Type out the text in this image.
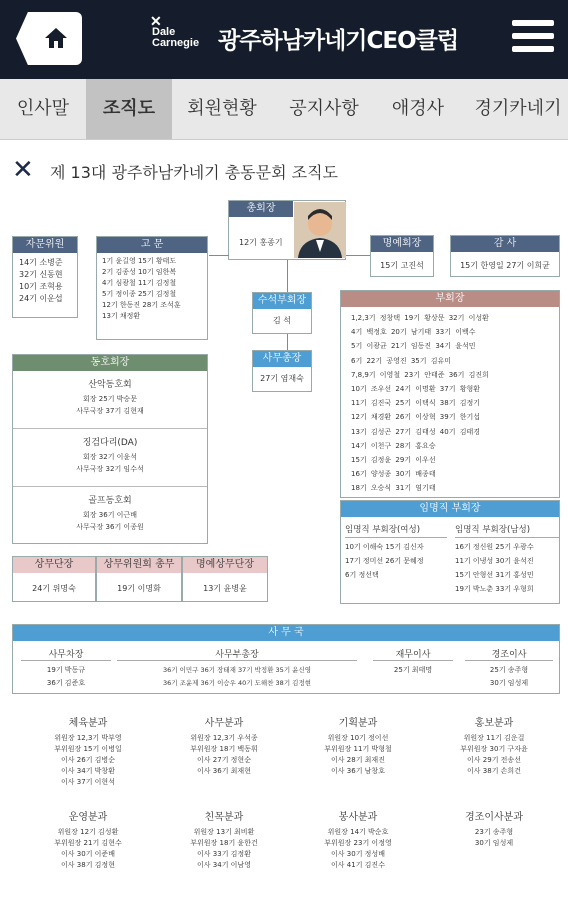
✕
Dale
Carnegie 광주하남카네기CEO클럽
인사말	조직도	회원현황	공지사항	애경사	경기카네기
✕ 제 13대 광주하남카네기 총동문회 조직도
총회장
12기 홍종기
자문위원
14기 소병준
32기 신동현
10기 조혁용
24기 이운섭
고 문
1기 윤길영 15기 황태도
2기 김종성 10기 임한복
4기 심광철 11기 김정철
5기 정이종 25기 김정철
12기 한동진 28기 조석훈
13기 채정환
명예회장
15기 고진석
감 사
15기 한영일 27기 이희균
수석부회장
김 석
사무총장
27기 염재숙
부회장
1,2,3기 정창택 19기 황상문 32기 이성환
4기 백정호 20기 남기태 33기 이백수
5기 이광균 21기 임동진 34기 윤석민
6기 22기 공영진 35기 김유미
7,8,9기 이영철 23기 안태준 36기 김진희
10기 조우선 24기 이명환 37기 황형환
11기 김진국 25기 이택식 38기 김정기
12기 채경환 26기 이상혁 39기 한기섭
13기 김성곤 27기 김태성 40기 김태경
14기 이천구 28기 홍요승
15기 김정윤 29기 이우선
16기 양성종 30기 배종태
18기 오승식 31기 염기태
임명직 부회장
임명직 부회장(여성)
10기 이해숙 15기 김신자
17기 정미선 26기 문혜정
6기 정선택
임명직 부회장(남성)
16기 정신원 25기 우광수
11기 이냉성 30기 윤석진
15기 안형선 31기 홍성민
19기 박노춘 33기 우형희
동호회장
산악동호회
회장 25기 박승문
사무국장 37기 김현재
징검다리(DA)
회장 32기 이윤석
사무국장 32기 임수석
골프동호회
회장 36기 이근배
사무국장 36기 이종원
상무단장
24기 위명숙
상무위원회 총무
19기 이명화
명예상무단장
13기 윤병윤
사 무 국
사무차장
19기 박동규
36기 김준호
사무부총장
36기 이민구 36기 장태재 37기 박정환 35기 윤신영
36기 조윤제 36기 이승우 40기 도해찬 38기 김정현
재무이사
25기 최태명
경조이사
25기 송주형
30기 임성제
체육분과
위원장 12,3기 박부영
부위원장 15기 이병일
이사 26기 김병순
이사 34기 박창환
이사 37기 이현석
사무분과
위원장 12,3기 우석종
부위원장 18기 백동휘
이사 27기 정현순
이사 36기 최재현
기획분과
위원장 10기 정이선
부위원장 11기 박형철
이사 28기 최재진
이사 36기 남창호
홍보분과
위원장 11기 김운걸
부위원장 30기 구자윤
이사 29기 전송선
이사 38기 손희건
운영분과
위원장 12기 김성환
부위원장 21기 김현수
이사 30기 이준배
이사 38기 김정현
친목분과
위원장 13기 최비환
부위원장 18기 윤한건
이사 33기 김정환
이사 34기 이남영
봉사분과
위원장 14기 박순호
부위원장 23기 이정영
이사 30기 정성배
이사 41기 김진수
경조이사분과
23기 송주형
30기 임성제
